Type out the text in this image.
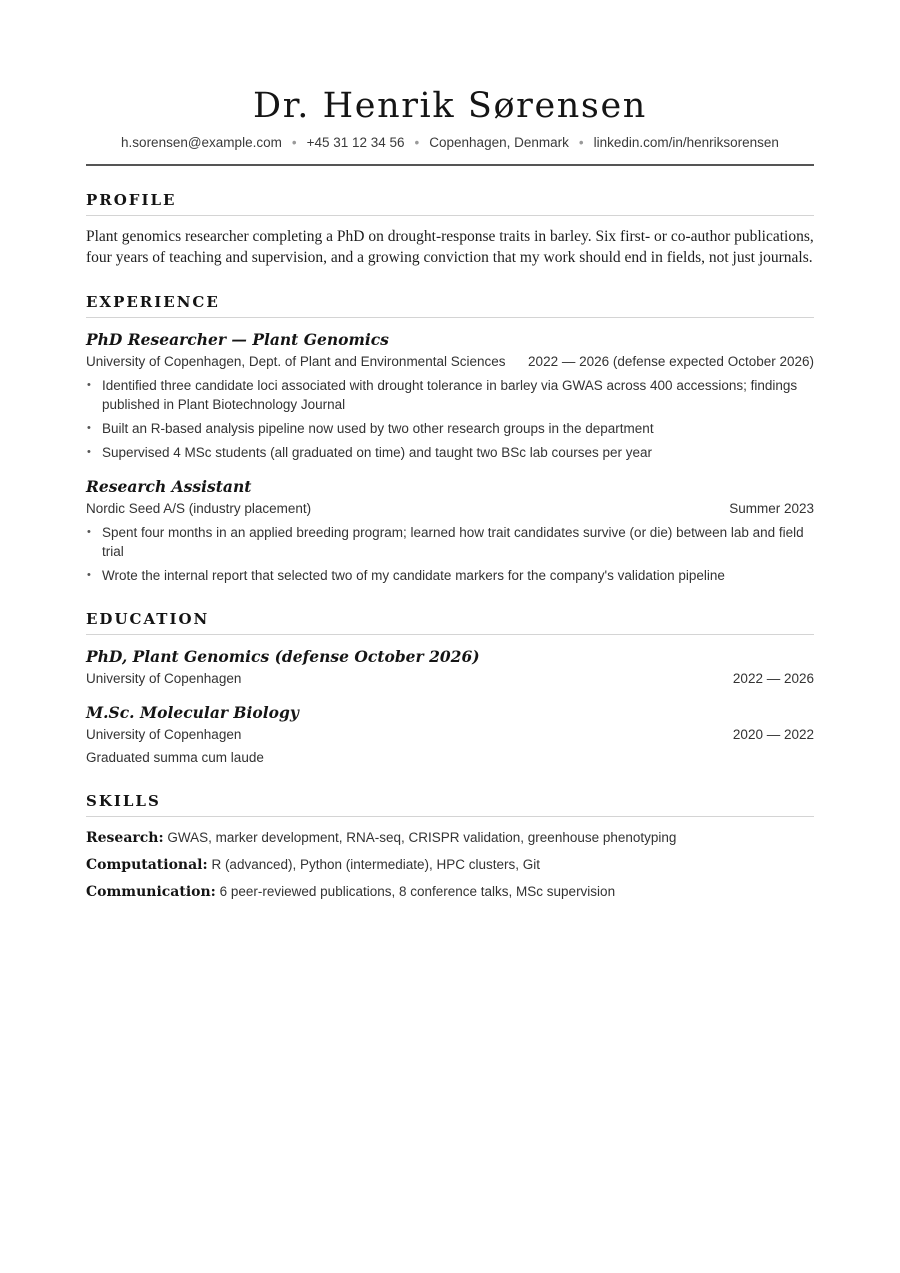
Dr. Henrik Sørensen
h.sorensen@example.com • +45 31 12 34 56 • Copenhagen, Denmark • linkedin.com/in/henriksorensen
PROFILE
Plant genomics researcher completing a PhD on drought-response traits in barley. Six first- or co-author publications, four years of teaching and supervision, and a growing conviction that my work should end in fields, not just journals.
EXPERIENCE
PhD Researcher — Plant Genomics
University of Copenhagen, Dept. of Plant and Environmental Sciences 2022 — 2026 (defense expected October 2026)
• Identified three candidate loci associated with drought tolerance in barley via GWAS across 400 accessions; findings published in Plant Biotechnology Journal
• Built an R-based analysis pipeline now used by two other research groups in the department
• Supervised 4 MSc students (all graduated on time) and taught two BSc lab courses per year
Research Assistant
Nordic Seed A/S (industry placement)	Summer 2023
• Spent four months in an applied breeding program; learned how trait candidates survive (or die) between lab and field trial
• Wrote the internal report that selected two of my candidate markers for the company's validation pipeline
EDUCATION
PhD, Plant Genomics (defense October 2026)
University of Copenhagen	2022 — 2026
M.Sc. Molecular Biology
University of Copenhagen	2020 — 2022
Graduated summa cum laude
SKILLS
Research: GWAS, marker development, RNA-seq, CRISPR validation, greenhouse phenotyping
Computational: R (advanced), Python (intermediate), HPC clusters, Git
Communication: 6 peer-reviewed publications, 8 conference talks, MSc supervision
